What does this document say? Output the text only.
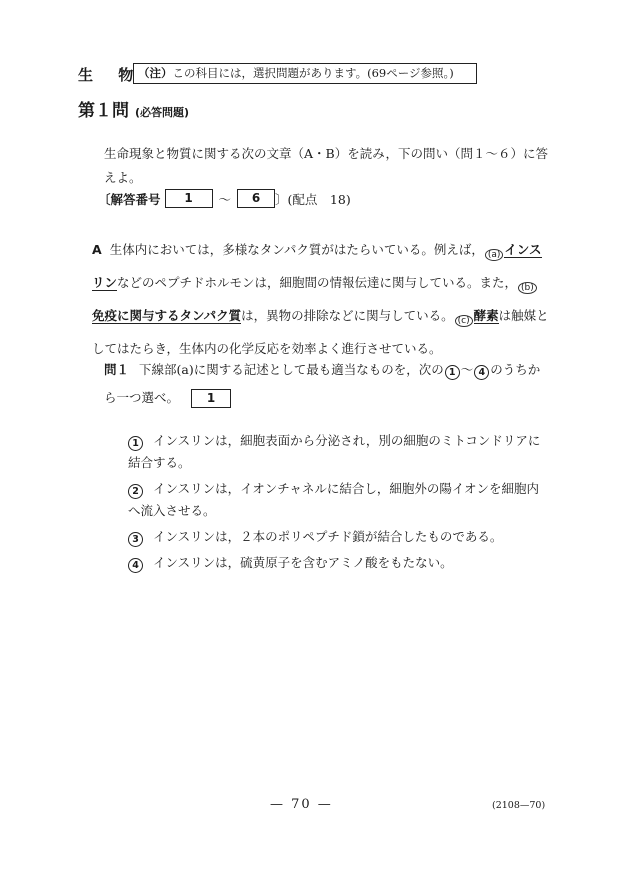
生 物
（注）この科目には，選択問題があります。(69ページ参照。)
第１問 (必答問題)
生命現象と物質に関する次の文章（A・B）を読み，下の問い（問１〜６）に答えよ。
〔解答番号	1	〜	6	〕(配点　18)
A 生体内においては，多様なタンパク質がはたらいている。例えば， $_{(a)}$ インスリンなどのペプチドホルモンは，細胞間の情報伝達に関与している。また， $_{(b)}$免疫に関与するタンパク質は，異物の排除などに関与している。 $_{(c)}$ 酵素は触媒としてはたらき，生体内の化学反応を効率よく進行させている。
問１ 下線部(a)に関する記述として最も適当なものを，次の 1 〜 4 のうちから一つ選べ。 1
1 インスリンは，細胞表面から分泌され，別の細胞のミトコンドリアに結合する。
2 インスリンは，イオンチャネルに結合し，細胞外の陽イオンを細胞内へ流入させる。
3 インスリンは，２本のポリペプチド鎖が結合したものである。
4 インスリンは，硫黄原子を含むアミノ酸をもたない。
— 70 —	(2108—70)
